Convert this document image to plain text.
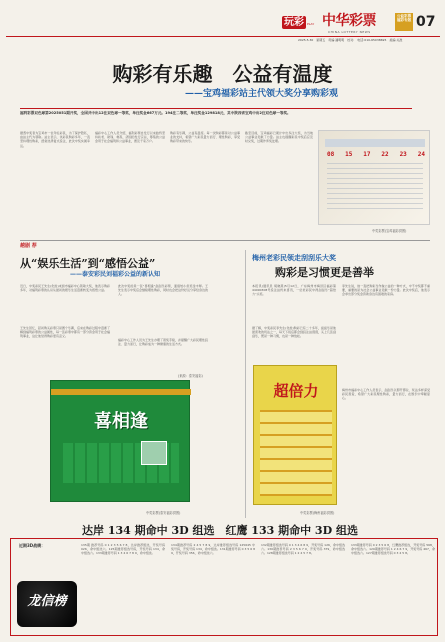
玩彩 PLAY 中华彩票
CHINA LOTTERY NEWS
公益彩票 福彩专版 07
2025.5.30　星期五　责编:潘明明　校对:　电话:010-65038695　美编:关准
购彩有乐趣　公益有温度
——宝鸡福彩站主代领大奖分享购彩观
福利彩票双色球第2025051期开奖，全国共中出12注双色球一等奖，单注奖金667万元。194注二等奖，单注奖金129818元，其中陕西省宝鸡中出2注双色球一等奖。
据悉中奖者为宝鸡市一位年轻彩民，为了保护隐私，由站主代为领取。站主表示，该彩民购彩多年，一直坚持理性购彩，经常选择复式投注，此次中奖实属幸运。
福彩中心工作人员介绍，福利彩票自发行以来始终坚持扶老、助残、救孤、济困的发行宗旨，筹集的公益金用于社会福利和公益事业，惠及千家万户。
购彩有乐趣，公益有温度。每一次购彩都是对公益事业的支持，希望广大彩民量力而行、理性购彩，享受购彩带来的快乐。
截至目前，宝鸡福彩已累计中出多注大奖，为当地公益事业贡献了力量。站主也提醒彩民中奖后应及时兑奖，过期作弃奖处理。
08 15 17 22 23 24
中奖彩票(宝鸡福彩供图)
越剧 荐
从“娱乐生活”到“感悟公益”
——泰安彩民刘福彩公益的新认知
近日，中奖彩民王先生(化姓)来到市福彩中心领取大奖，他表示购彩多年，对福利彩票的认识从最初的娱乐生活逐渐转变为感悟公益。
王先生回忆，起初购买彩票只是图个乐趣，后来在购彩过程中逐渐了解到福利彩票的公益属性，每一张彩票中都有一部分资金用于社会福利事业，这让他觉得购彩更有意义。
此次中奖的是一张“喜相逢”刮刮乐彩票，面值较小但奖金丰厚。王先生表示中奖后会继续理性购彩，同时也会把这份好运分享给身边的人。
福彩中心工作人员为王先生办理了领奖手续，并提醒广大彩民理性投注、量力而行，让购彩成为一种健康的生活方式。
(来源：泰安福彩)
喜相逢
中奖彩票(泰安福彩供图)
梅州老彩民领走刮刮乐大奖
购彩是习惯更是善举
本报讯(通讯员 胡晓燕)5月12日，广东梅州市梅县区福彩第44090308号投注站传来喜讯，一位老彩民中得刮刮乐“超倍力”头奖。
据了解，中奖彩民李先生(化姓)购彩已有二十多年，刮刮乐是他最喜欢的玩法之一，每天下班后都会到投注站逛逛，买上几张刮刮乐，既是一种习惯，也是一种放松。
李先生说，他一直把购彩当作做公益的一种方式，中不中奖都不重要，重要的是为社会公益事业贡献一份力量。此次中奖后，他表示会拿出部分奖金资助身边有困难的家庭。
梅州市福彩中心工作人员表示，刮刮乐以即开即兑、玩法多样深受彩民喜爱，希望广大彩民理性购彩，量力而行，在娱乐中奉献爱心。
超倍力
中奖彩票(梅州福彩供图)
达岸 134 期命中 3D 组选　红鹰 133 期命中 3D 组选
龙信榜
近期3D战绩：	135期 推荐号码 0 1 2 3 5 6 7 8，达岸推荐组选，开奖号码 026，命中组选六。125期推荐组选号码，开奖号码 134，命中组选六。133期推荐号码 1 3 4 6 7 8 9，命中组选。
134期推荐号码 2 4 5 7 8 9，达岸推荐组选号码 125645 中奖号码，开奖号码 134，命中组选。131期推荐号码 0 3 5 6 8 9，开奖号码 356，命中组选六。
132期推荐组选号码 0 1 3 4 6 8 9，开奖号码 126，命中组选六。130期推荐号码 2 3 5 6 7 9，开奖号码 379，命中组选六。128期推荐组选号码 1 2 4 5 7 8。
133期推荐号码 0 2 3 5 6 8，红鹰推荐组选，开奖号码 568，命中组选六。129期推荐号码 1 2 4 6 7 9，开奖号码 467，命中组选六。127期推荐组选号码 0 3 4 5 8。
